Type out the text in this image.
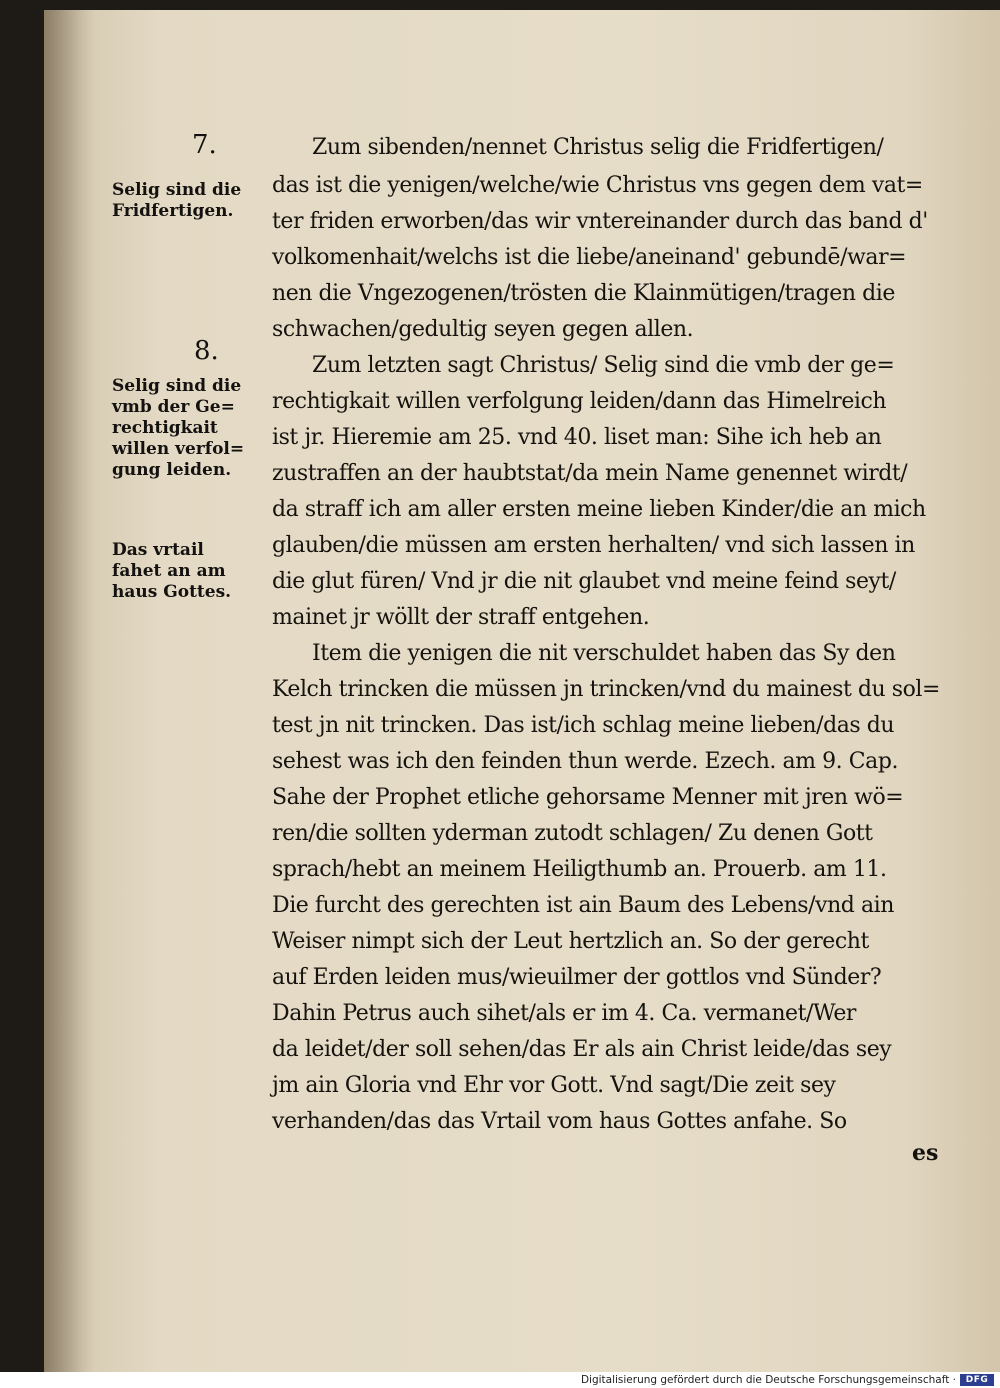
7.
Selig sind die
Fridfertigen.
8.
Selig sind die
vmb der Ge=
rechtigkait
willen verfol=
gung leiden.
Das vrtail
fahet an am
haus Gottes.
Zum sibenden/nennet Christus selig die Fridfertigen/
das ist die yenigen/welche/wie Christus vns gegen dem vat=
ter friden erworben/das wir vntereinander durch das band d'
volkomenhait/welchs ist die liebe/aneinand' gebundē/war=
nen die Vngezogenen/trösten die Klainmütigen/tragen die
schwachen/gedultig seyen gegen allen.
Zum letzten sagt Christus/ Selig sind die vmb der ge=
rechtigkait willen verfolgung leiden/dann das Himelreich
ist jr. Hieremie am 25. vnd 40. liset man: Sihe ich heb an
zustraffen an der haubtstat/da mein Name genennet wirdt/
da straff ich am aller ersten meine lieben Kinder/die an mich
glauben/die müssen am ersten herhalten/ vnd sich lassen in
die glut füren/ Vnd jr die nit glaubet vnd meine feind seyt/
mainet jr wöllt der straff entgehen.
Item die yenigen die nit verschuldet haben das Sy den
Kelch trincken die müssen jn trincken/vnd du mainest du sol=
test jn nit trincken. Das ist/ich schlag meine lieben/das du
sehest was ich den feinden thun werde. Ezech. am 9. Cap.
Sahe der Prophet etliche gehorsame Menner mit jren wö=
ren/die sollten yderman zutodt schlagen/ Zu denen Gott
sprach/hebt an meinem Heiligthumb an. Prouerb. am 11.
Die furcht des gerechten ist ain Baum des Lebens/vnd ain
Weiser nimpt sich der Leut hertzlich an. So der gerecht
auf Erden leiden mus/wieuilmer der gottlos vnd Sünder?
Dahin Petrus auch sihet/als er im 4. Ca. vermanet/Wer
da leidet/der soll sehen/das Er als ain Christ leide/das sey
jm ain Gloria vnd Ehr vor Gott. Vnd sagt/Die zeit sey
verhanden/das das Vrtail vom haus Gottes anfahe. So
es
Digitalisierung gefördert durch die Deutsche Forschungsgemeinschaft ·	DFG
